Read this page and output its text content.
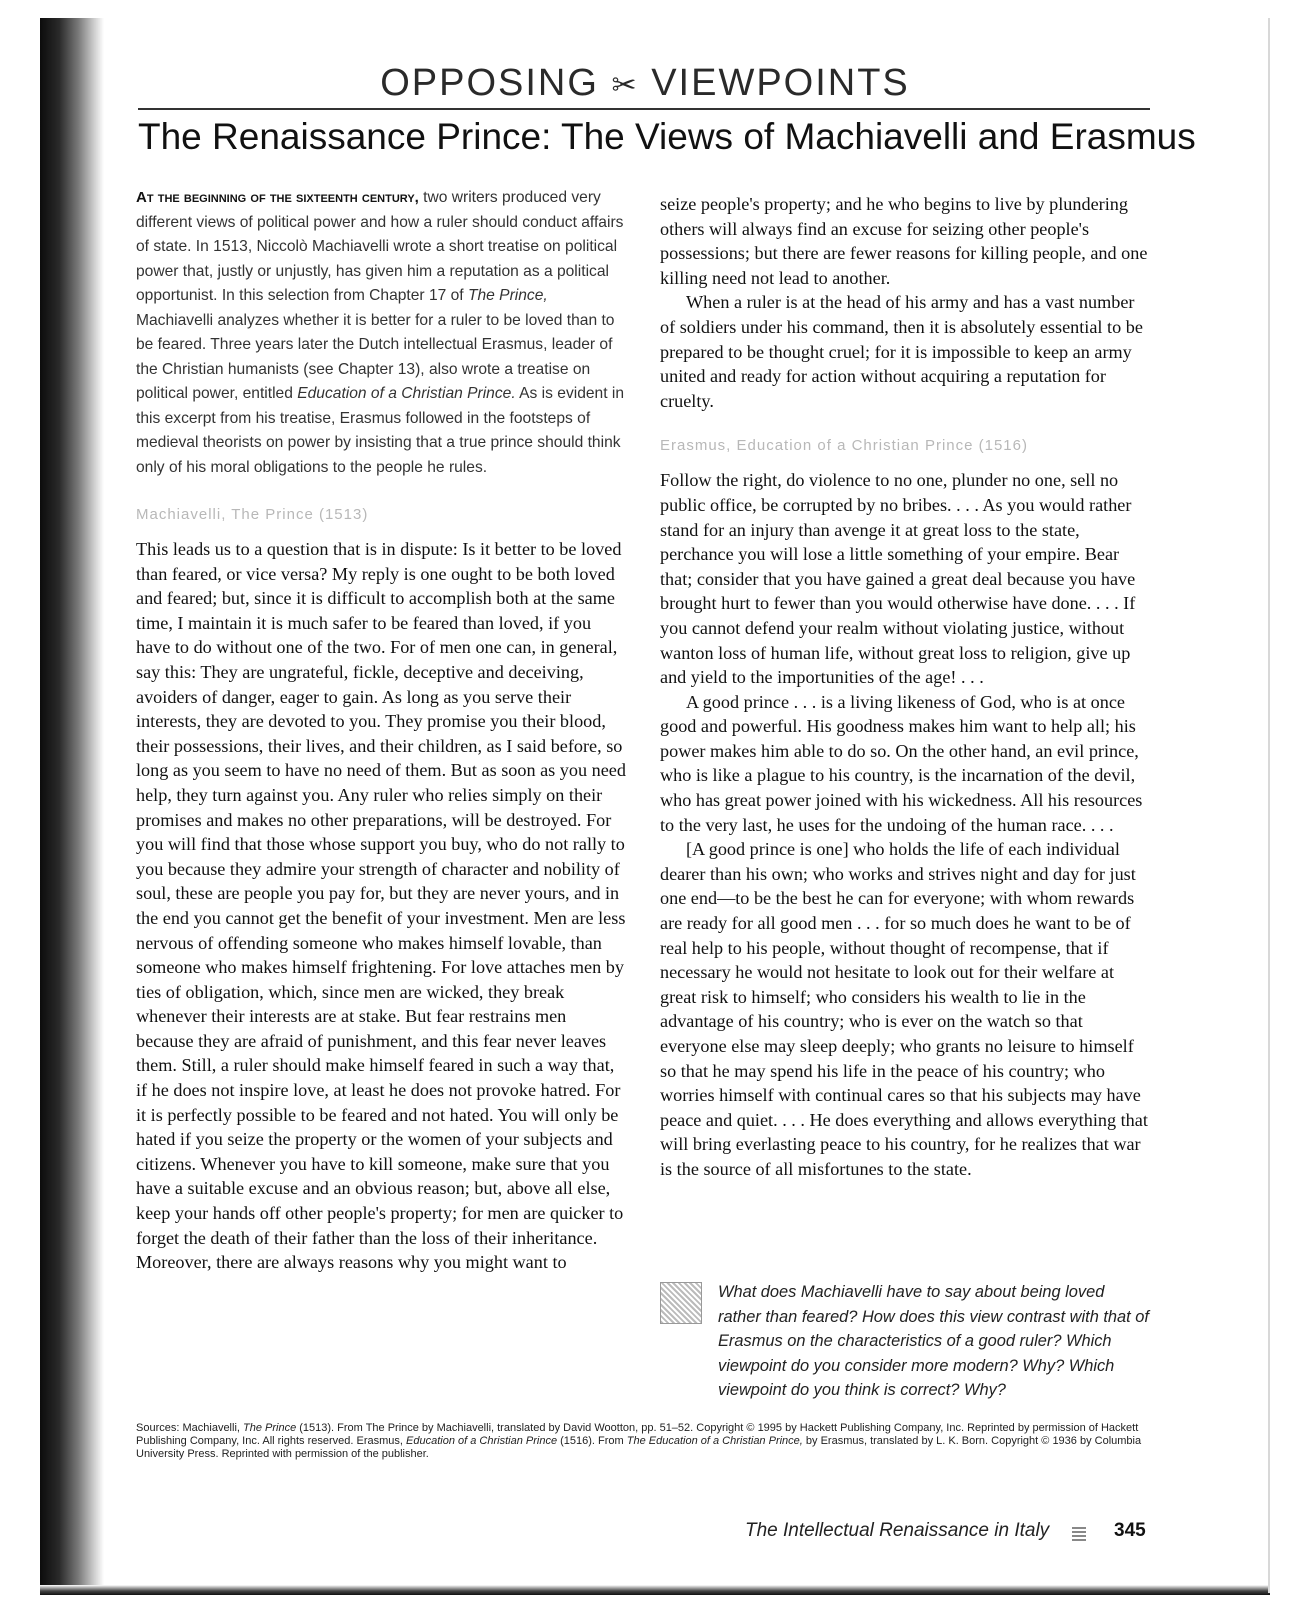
OPPOSING ✂ VIEWPOINTS
The Renaissance Prince: The Views of Machiavelli and Erasmus

At the beginning of the sixteenth century, two writers produced very different views of political power and how a ruler should conduct affairs of state. In 1513, Niccolò Machiavelli wrote a short treatise on political power that, justly or unjustly, has given him a reputation as a political opportunist. In this selection from Chapter 17 of The Prince, Machiavelli analyzes whether it is better for a ruler to be loved than to be feared. Three years later the Dutch intellectual Erasmus, leader of the Christian humanists (see Chapter 13), also wrote a treatise on political power, entitled Education of a Christian Prince. As is evident in this excerpt from his treatise, Erasmus followed in the footsteps of medieval theorists on power by insisting that a true prince should think only of his moral obligations to the people he rules.

Machiavelli, The Prince (1513)

This leads us to a question that is in dispute: Is it better to be loved than feared, or vice versa? My reply is one ought to be both loved and feared; but, since it is difficult to accomplish both at the same time, I maintain it is much safer to be feared than loved, if you have to do without one of the two. For of men one can, in general, say this: They are ungrateful, fickle, deceptive and deceiving, avoiders of danger, eager to gain. As long as you serve their interests, they are devoted to you. They promise you their blood, their possessions, their lives, and their children, as I said before, so long as you seem to have no need of them. But as soon as you need help, they turn against you. Any ruler who relies simply on their promises and makes no other preparations, will be destroyed. For you will find that those whose support you buy, who do not rally to you because they admire your strength of character and nobility of soul, these are people you pay for, but they are never yours, and in the end you cannot get the benefit of your investment. Men are less nervous of offending someone who makes himself lovable, than someone who makes himself frightening. For love attaches men by ties of obligation, which, since men are wicked, they break whenever their interests are at stake. But fear restrains men because they are afraid of punishment, and this fear never leaves them. Still, a ruler should make himself feared in such a way that, if he does not inspire love, at least he does not provoke hatred. For it is perfectly possible to be feared and not hated. You will only be hated if you seize the property or the women of your subjects and citizens. Whenever you have to kill someone, make sure that you have a suitable excuse and an obvious reason; but, above all else, keep your hands off other people's property; for men are quicker to forget the death of their father than the loss of their inheritance. Moreover, there are always reasons why you might want to

seize people's property; and he who begins to live by plundering others will always find an excuse for seizing other people's possessions; but there are fewer reasons for killing people, and one killing need not lead to another.

When a ruler is at the head of his army and has a vast number of soldiers under his command, then it is absolutely essential to be prepared to be thought cruel; for it is impossible to keep an army united and ready for action without acquiring a reputation for cruelty.

Erasmus, Education of a Christian Prince (1516)

Follow the right, do violence to no one, plunder no one, sell no public office, be corrupted by no bribes. . . . As you would rather stand for an injury than avenge it at great loss to the state, perchance you will lose a little something of your empire. Bear that; consider that you have gained a great deal because you have brought hurt to fewer than you would otherwise have done. . . . If you cannot defend your realm without violating justice, without wanton loss of human life, without great loss to religion, give up and yield to the importunities of the age! . . .

A good prince . . . is a living likeness of God, who is at once good and powerful. His goodness makes him want to help all; his power makes him able to do so. On the other hand, an evil prince, who is like a plague to his country, is the incarnation of the devil, who has great power joined with his wickedness. All his resources to the very last, he uses for the undoing of the human race. . . .

[A good prince is one] who holds the life of each individual dearer than his own; who works and strives night and day for just one end—to be the best he can for everyone; with whom rewards are ready for all good men . . . for so much does he want to be of real help to his people, without thought of recompense, that if necessary he would not hesitate to look out for their welfare at great risk to himself; who considers his wealth to lie in the advantage of his country; who is ever on the watch so that everyone else may sleep deeply; who grants no leisure to himself so that he may spend his life in the peace of his country; who worries himself with continual cares so that his subjects may have peace and quiet. . . . He does everything and allows everything that will bring everlasting peace to his country, for he realizes that war is the source of all misfortunes to the state.

What does Machiavelli have to say about being loved rather than feared? How does this view contrast with that of Erasmus on the characteristics of a good ruler? Which viewpoint do you consider more modern? Why? Which viewpoint do you think is correct? Why?

Sources: Machiavelli, The Prince (1513). From The Prince by Machiavelli, translated by David Wootton, pp. 51–52. Copyright © 1995 by Hackett Publishing Company, Inc. Reprinted by permission of Hackett Publishing Company, Inc. All rights reserved. Erasmus, Education of a Christian Prince (1516). From The Education of a Christian Prince, by Erasmus, translated by L. K. Born. Copyright © 1936 by Columbia University Press. Reprinted with permission of the publisher.

The Intellectual Renaissance in Italy	345
